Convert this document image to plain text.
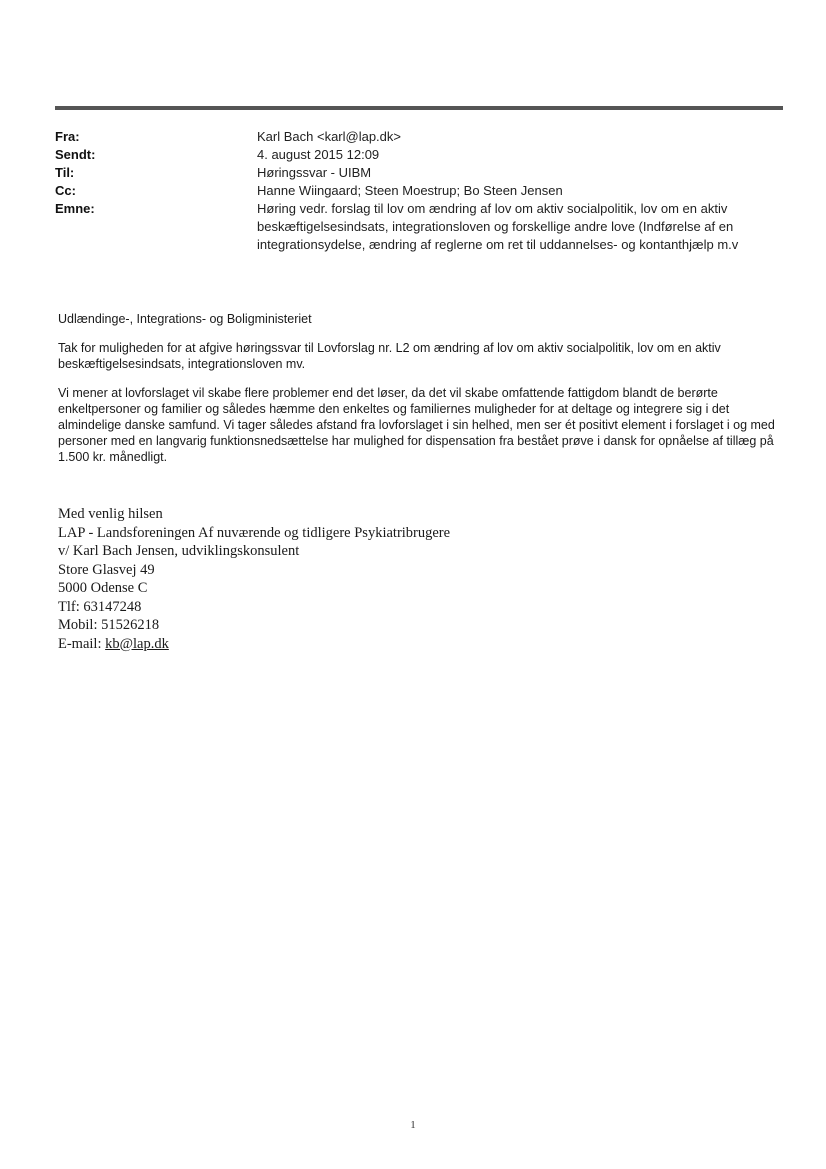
Fra:	Karl Bach <karl@lap.dk>
Sendt:	4. august 2015 12:09
Til:	Høringssvar - UIBM
Cc:	Hanne Wiingaard; Steen Moestrup; Bo Steen Jensen
Emne:	Høring vedr. forslag til lov om ændring af lov om aktiv socialpolitik, lov om en aktiv beskæftigelsesindsats, integrationsloven og forskellige andre love (Indførelse af en integrationsydelse, ændring af reglerne om ret til uddannelses- og kontanthjælp m.v

Udlændinge-, Integrations- og Boligministeriet

Tak for muligheden for at afgive høringssvar til Lovforslag nr. L2 om ændring af lov om aktiv socialpolitik, lov om en aktiv beskæftigelsesindsats, integrationsloven mv.

Vi mener at lovforslaget vil skabe flere problemer end det løser, da det vil skabe omfattende fattigdom blandt de berørte enkeltpersoner og familier og således hæmme den enkeltes og familiernes muligheder for at deltage og integrere sig i det almindelige danske samfund. Vi tager således afstand fra lovforslaget i sin helhed, men ser ét positivt element i forslaget i og med personer med en langvarig funktionsnedsættelse har mulighed for dispensation fra bestået prøve i dansk for opnåelse af tillæg på 1.500 kr. månedligt.

Med venlig hilsen
LAP - Landsforeningen Af nuværende og tidligere Psykiatribrugere
v/ Karl Bach Jensen, udviklingskonsulent
Store Glasvej 49
5000 Odense C
Tlf: 63147248
Mobil: 51526218
E-mail: kb@lap.dk
1
